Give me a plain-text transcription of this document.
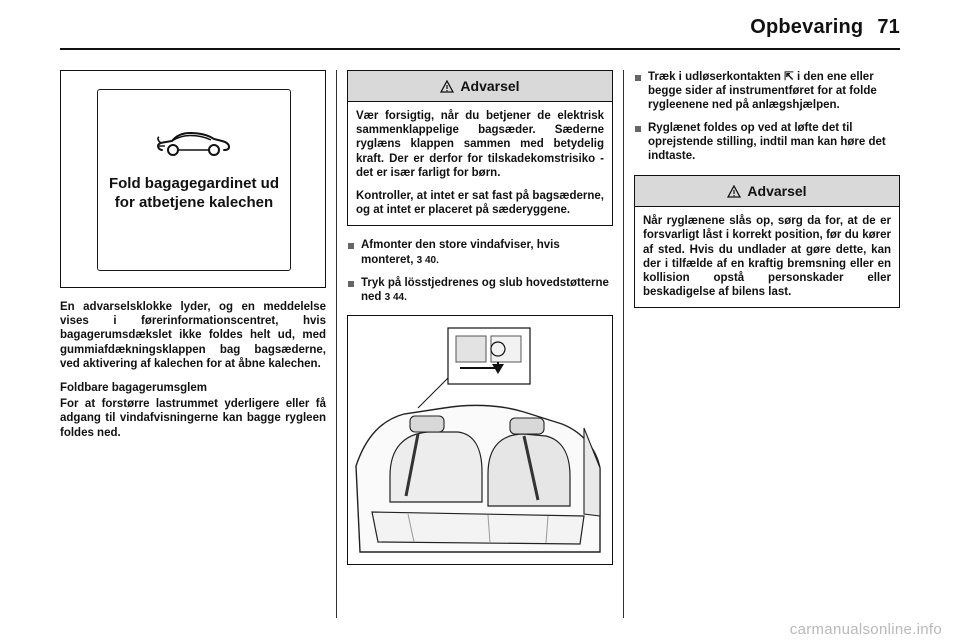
Opbevaring 71
Fold bagagegardinet ud for atbetjene kalechen

En advarselsklokke lyder, og en meddelelse vises i førerinformationscentret, hvis bagagerumsdækslet ikke foldes helt ud, med gummiafdækningsklappen bag bagsæderne, ved aktivering af kalechen for at åbne kalechen.

Foldbare bagagerumsglem

For at forstørre lastrummet yderligere eller få adgang til vindafvisningerne kan bagge rygleen foldes ned.

Advarsel

Vær forsigtig, når du betjener de elektrisk sammenklappelige bagsæder. Sæderne ryglæns klappen sammen med betydelig kraft. Der er derfor for tilskadekomstrisiko - det er især farligt for børn.

Kontroller, at intet er sat fast på bagsæderne, og at intet er placeret på sæderyggene.

Afmonter den store vindafviser, hvis monteret, 3 40.
Tryk på lösstjedrenes og slub hovedstøtterne ned 3 44.
Træk i udløserkontakten ⇱ i den ene eller begge sider af instrumentføret for at folde rygleenene ned på anlægshjælpen.
Ryglænet foldes op ved at løfte det til oprejstende stilling, indtil man kan høre det indtaste.
Advarsel

Når ryglænene slås op, sørg da for, at de er forsvarligt låst i korrekt position, før du kører af sted. Hvis du undlader at gøre dette, kan der i tilfælde af en kraftig bremsning eller en kollision opstå personskader eller beskadigelse af bilens last.

carmanualsonline.info
